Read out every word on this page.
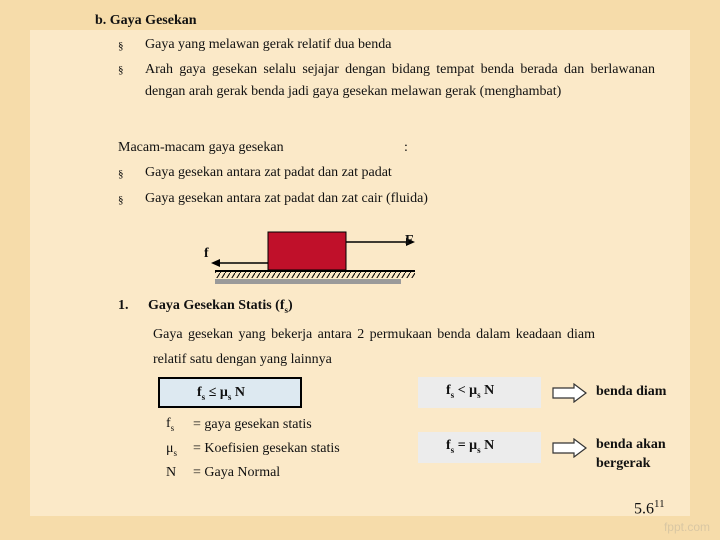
b. Gaya Gesekan
§ Gaya yang melawan gerak relatif dua benda
§ Arah gaya gesekan selalu sejajar dengan bidang tempat benda berada dan berlawanan dengan arah gerak benda jadi gaya gesekan melawan gerak (menghambat)
Macam-macam gaya gesekan	:
§ Gaya gesekan antara zat padat dan zat padat
§ Gaya gesekan antara zat padat dan zat cair (fluida)
f
F
1. Gaya Gesekan Statis $(f_s)$
Gaya gesekan yang bekerja antara 2 permukaan benda dalam keadaan diam relatif satu dengan yang lainnya
$f_s \le \mu_s$ N
$f_s$	= gaya gesekan statis
$\mu_s$	= Koefisien gesekan statis
N = Gaya Normal
$f_s < \mu_s$ N	benda diam
$f_s = \mu_s$ N	benda akan bergerak
$5.6^{11}$
fppt.com
